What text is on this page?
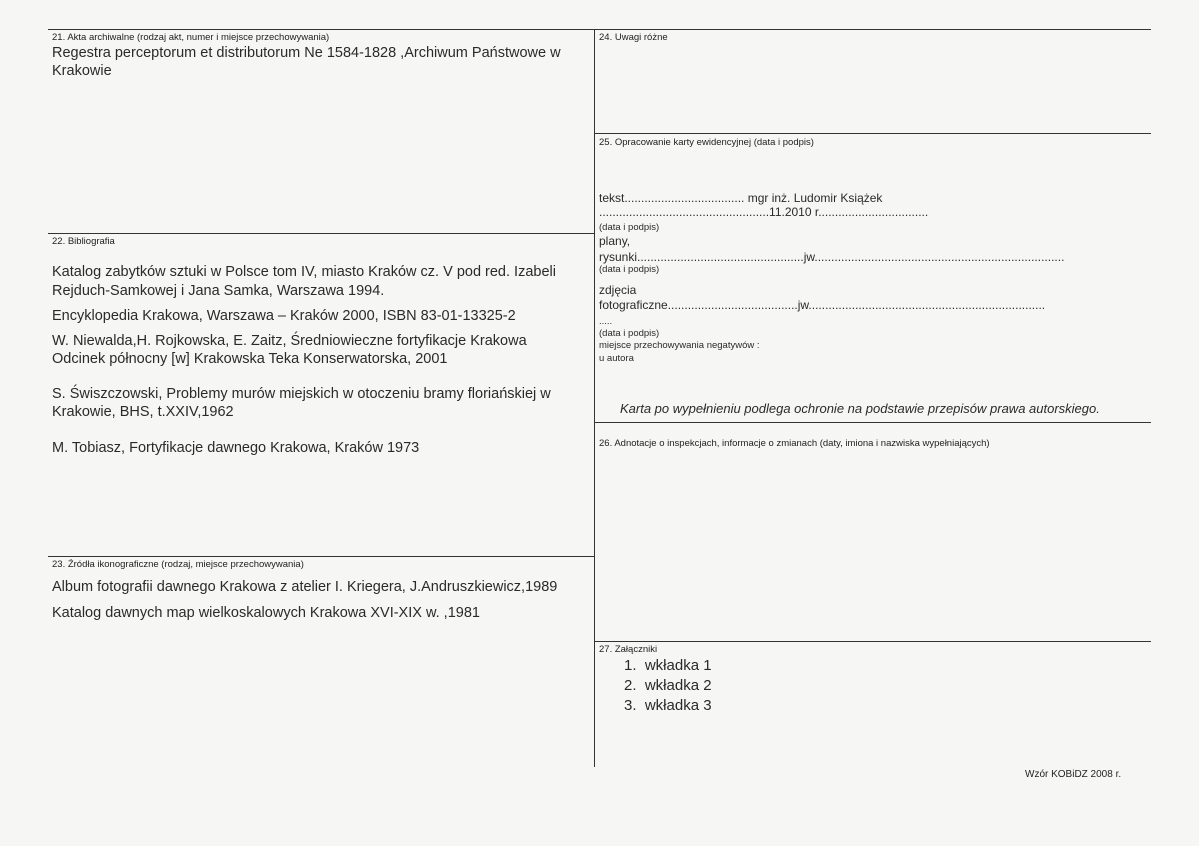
21. Akta archiwalne (rodzaj akt, numer i miejsce przechowywania)
Regestra perceptorum et distributorum Ne 1584-1828 ,Archiwum Państwowe w
Krakowie
22. Bibliografia
Katalog zabytków sztuki w Polsce tom IV, miasto Kraków cz. V pod red. Izabeli
Rejduch-Samkowej i Jana Samka, Warszawa 1994.
Encyklopedia Krakowa, Warszawa – Kraków 2000, ISBN 83-01-13325-2
W. Niewalda,H. Rojkowska, E. Zaitz, Średniowieczne fortyfikacje Krakowa
Odcinek północny [w] Krakowska Teka Konserwatorska, 2001
S. Świszczowski, Problemy murów miejskich w otoczeniu bramy floriańskiej w
Krakowie, BHS, t.XXIV,1962
M. Tobiasz, Fortyfikacje dawnego Krakowa, Kraków 1973
23. Źródła ikonograficzne (rodzaj, miejsce przechowywania)
Album fotografii dawnego Krakowa z atelier I. Kriegera, J.Andruszkiewicz,1989
Katalog dawnych map wielkoskalowych Krakowa XVI-XIX w. ,1981
24. Uwagi różne
25. Opracowanie karty ewidencyjnej (data i podpis)
tekst.................................... mgr inż. Ludomir Książek
...................................................11.2010 r.................................
(data i podpis)
plany,
rysunki..................................................jw...........................................................................
(data i podpis)
zdjęcia
fotograficzne.......................................jw.......................................................................
.....
(data i podpis)
miejsce przechowywania negatywów :
u autora
Karta po wypełnieniu podlega ochronie na podstawie przepisów prawa autorskiego.
26. Adnotacje o inspekcjach, informacje o zmianach (daty, imiona i nazwiska wypełniających)
27. Załączniki
1.  wkładka 1
2.  wkładka 2
3.  wkładka 3
Wzór KOBiDZ 2008 r.
